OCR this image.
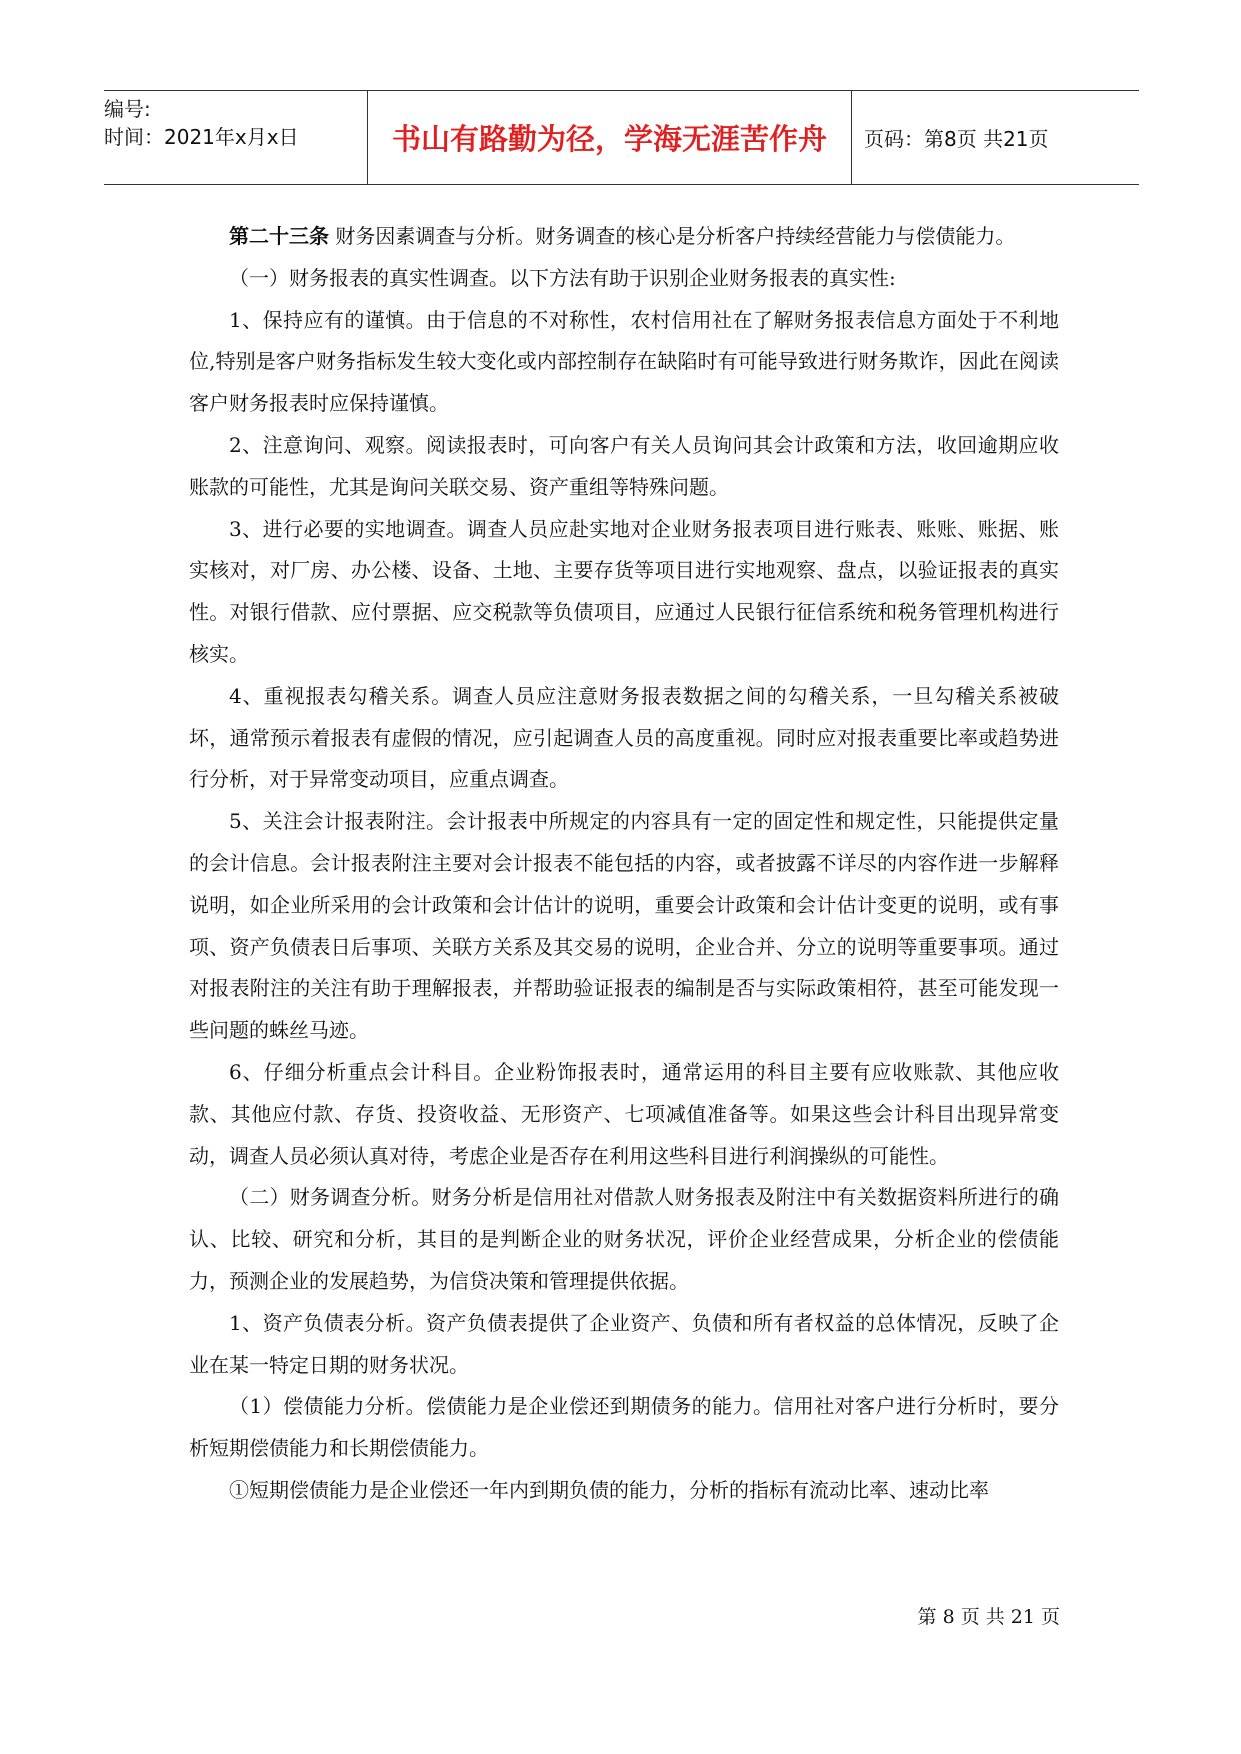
编号:
时间：2021年x月x日	书山有路勤为径，学海无涯苦作舟	页码：第8页 共21页

第二十三条 财务因素调查与分析。财务调查的核心是分析客户持续经营能力与偿债能力。

（一）财务报表的真实性调查。以下方法有助于识别企业财务报表的真实性:

1、保持应有的谨慎。由于信息的不对称性，农村信用社在了解财务报表信息方面处于不利地位,特别是客户财务指标发生较大变化或内部控制存在缺陷时有可能导致进行财务欺诈，因此在阅读客户财务报表时应保持谨慎。

2、注意询问、观察。阅读报表时，可向客户有关人员询问其会计政策和方法，收回逾期应收账款的可能性，尤其是询问关联交易、资产重组等特殊问题。

3、进行必要的实地调查。调查人员应赴实地对企业财务报表项目进行账表、账账、账据、账实核对，对厂房、办公楼、设备、土地、主要存货等项目进行实地观察、盘点，以验证报表的真实性。对银行借款、应付票据、应交税款等负债项目，应通过人民银行征信系统和税务管理机构进行核实。

4、重视报表勾稽关系。调查人员应注意财务报表数据之间的勾稽关系，一旦勾稽关系被破坏，通常预示着报表有虚假的情况，应引起调查人员的高度重视。同时应对报表重要比率或趋势进行分析，对于异常变动项目，应重点调查。

5、关注会计报表附注。会计报表中所规定的内容具有一定的固定性和规定性，只能提供定量的会计信息。会计报表附注主要对会计报表不能包括的内容，或者披露不详尽的内容作进一步解释说明，如企业所采用的会计政策和会计估计的说明，重要会计政策和会计估计变更的说明，或有事项、资产负债表日后事项、关联方关系及其交易的说明，企业合并、分立的说明等重要事项。通过对报表附注的关注有助于理解报表，并帮助验证报表的编制是否与实际政策相符，甚至可能发现一些问题的蛛丝马迹。

6、仔细分析重点会计科目。企业粉饰报表时，通常运用的科目主要有应收账款、其他应收款、其他应付款、存货、投资收益、无形资产、七项减值准备等。如果这些会计科目出现异常变动，调查人员必须认真对待，考虑企业是否存在利用这些科目进行利润操纵的可能性。

（二）财务调查分析。财务分析是信用社对借款人财务报表及附注中有关数据资料所进行的确认、比较、研究和分析，其目的是判断企业的财务状况，评价企业经营成果，分析企业的偿债能力，预测企业的发展趋势，为信贷决策和管理提供依据。

1、资产负债表分析。资产负债表提供了企业资产、负债和所有者权益的总体情况，反映了企业在某一特定日期的财务状况。

（1）偿债能力分析。偿债能力是企业偿还到期债务的能力。信用社对客户进行分析时，要分析短期偿债能力和长期偿债能力。

①短期偿债能力是企业偿还一年内到期负债的能力，分析的指标有流动比率、速动比率

第 8 页 共 21 页
